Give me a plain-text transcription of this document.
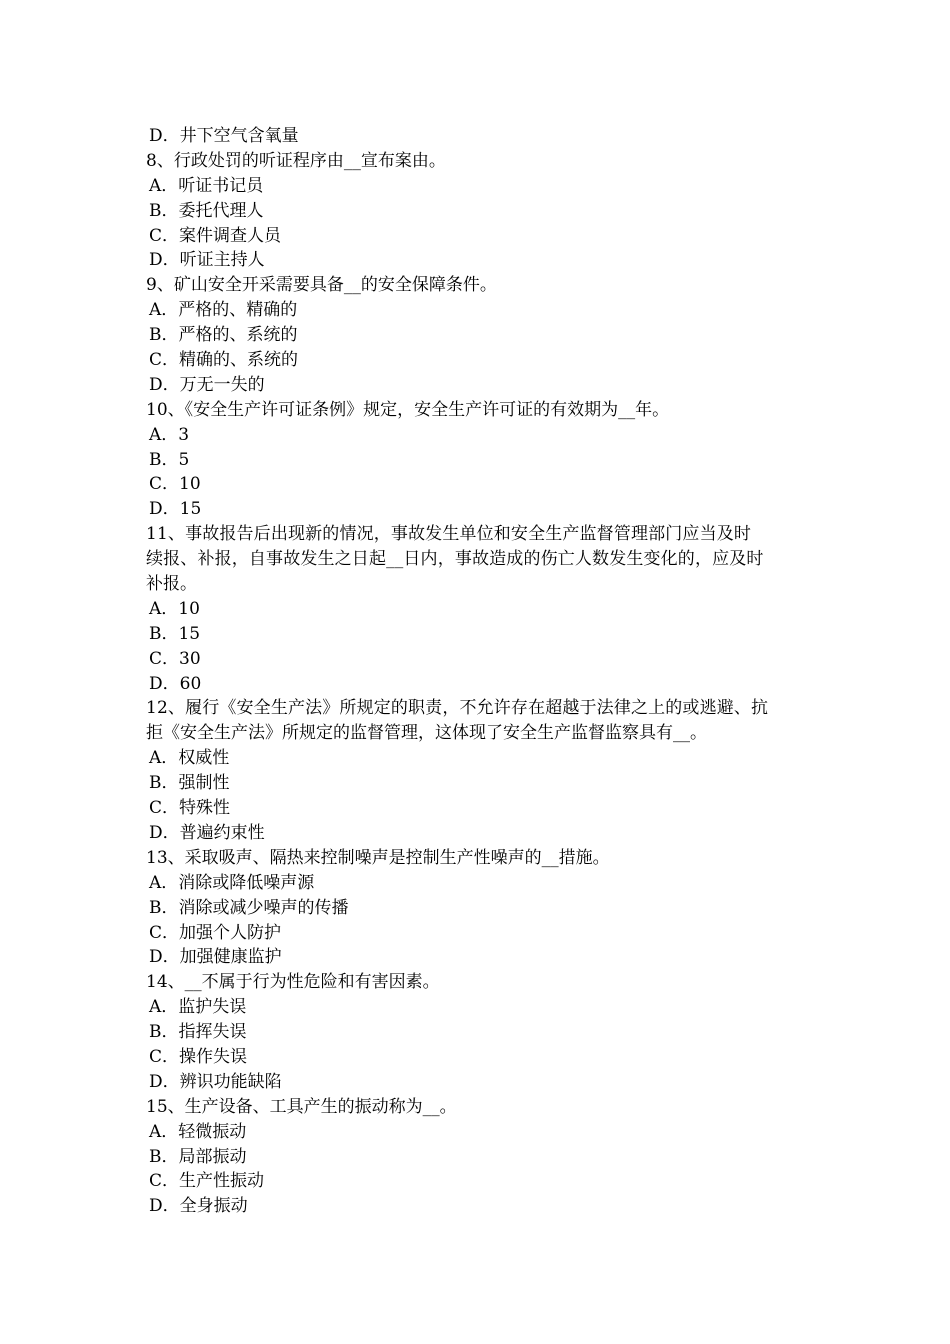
D．井下空气含氧量
8、行政处罚的听证程序由__宣布案由。
A．听证书记员
B．委托代理人
C．案件调查人员
D．听证主持人
9、矿山安全开采需要具备__的安全保障条件。
A．严格的、精确的
B．严格的、系统的
C．精确的、系统的
D．万无一失的
10、《安全生产许可证条例》规定，安全生产许可证的有效期为__年。
A．3
B．5
C．10
D．15
11、事故报告后出现新的情况，事故发生单位和安全生产监督管理部门应当及时
续报、补报，自事故发生之日起__日内，事故造成的伤亡人数发生变化的，应及时
补报。
A．10
B．15
C．30
D．60
12、履行《安全生产法》所规定的职责，不允许存在超越于法律之上的或逃避、抗
拒《安全生产法》所规定的监督管理，这体现了安全生产监督监察具有__。
A．权威性
B．强制性
C．特殊性
D．普遍约束性
13、采取吸声、隔热来控制噪声是控制生产性噪声的__措施。
A．消除或降低噪声源
B．消除或减少噪声的传播
C．加强个人防护
D．加强健康监护
14、__不属于行为性危险和有害因素。
A．监护失误
B．指挥失误
C．操作失误
D．辨识功能缺陷
15、生产设备、工具产生的振动称为__。
A．轻微振动
B．局部振动
C．生产性振动
D．全身振动
